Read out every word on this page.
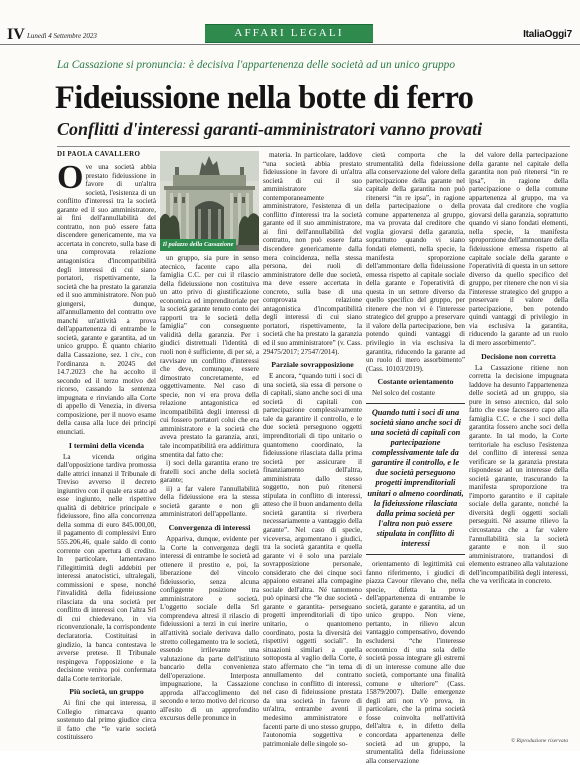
IV Lunedì 4 Settembre 2023	AFFARI LEGALI	ItaliaOggi7
La Cassazione si pronuncia: è decisiva l'appartenenza delle società ad un unico gruppo
Fideiussione nella botte di ferro
Conflitti d'interessi garanti-amministratori vanno provati
DI PAOLA CAVALLERO

Ove una società abbia prestato fideiussione in favore di un'altra società, l'esistenza di un conflitto d'interessi tra la società garante ed il suo amministratore, ai fini dell'annullabilità del contratto, non può essere fatta discendere genericamente, ma va accertata in concreto, sulla base di una comprovata relazione antagonistica d'incompatibilità degli interessi di cui siano portatori, rispettivamente, la società che ha prestato la garanzia ed il suo amministratore. Non può giungersi, dunque, all'annullamento del contratto ove manchi un'attività a prova dell'appartenenza di entrambe le società, garante e garantita, ad un unico gruppo. È quanto chiarito dalla Cassazione, sez. 1 civ., con l'ordinanza n. 20245 del 14.7.2023 che ha accolto il secondo ed il terzo motivo del ricorso, cassando la sentenza impugnata e rinviando alla Corte di appello di Venezia, in diversa composizione, per il nuovo esame della causa alla luce dei principi enunciati.

I termini della vicenda

La vicenda origina dall'opposizione tardiva promossa dalle attrici innanzi il Tribunale di Treviso avverso il decreto ingiuntivo con il quale era stato ad esse ingiunto, nelle rispettive qualità di debitrice principale e fideiussore, fino alla concorrenza della somma di euro 845.000,00, il pagamento di complessivi Euro 555.206,46, quale saldo di conto corrente con apertura di credito. In particolare, lamentavano l'illegittimità degli addebiti per interessi anatocistici, ultralegali, commissioni e spese, nonché l'invalidità della fideiussione rilasciata da una società per conflitto di interessi con l'altra Srl di cui chiedevano, in via riconvenzionale, la corrispondente declaratoria. Costituitasi in giudizio, la banca contestava le avverse pretese. Il Tribunale respingeva l'opposizione e la decisione veniva poi confermata dalla Corte territoriale.

Più società, un gruppo

Ai fini che qui interessa, il Collegio rimarcava quanto sostenuto dal primo giudice circa il fatto che “le varie società costituissero

Il palazzo della Cassazione

un gruppo, sia pure in senso atecnico, facente capo alla famiglia C.C. per cui il rilascio della fideiussione non costituiva un atto privo di giustificazione economica ed imprenditoriale per la società garante tenuto conto dei rapporti tra le società della famiglia” con conseguente validità della garanzia. Per i giudici distrettuali l'identità di ruoli non è sufficiente, di per sé, a ravvisare un conflitto d'interessi che deve, comunque, essere dimostrato concretamente, ed oggettivamente. Nel caso di specie, non vi era prova della relazione antagonistica ed incompatibilità degli interessi di cui fossero portatori colui che era amministratore e la società che aveva prestato la garanzia, anzi, tale incompatibilità era addirittura smentita dal fatto che:

i) soci della garantita erano tre fratelli soci anche della società garante;

ii) a far valere l'annullabilità della fideiussione era la stessa società garante e non gli amministratori dell'appellante.

Convergenza di interessi

Appariva, dunque, evidente per la Corte la convergenza degli interessi di entrambe le società ad ottenere il prestito e, poi, la liberazione del vincolo fideiussorio, senza alcuna configgente posizione tra amministratore e società. L'oggetto sociale della Srl comprendeva altresì il rilascio di fideiussioni a terzi in cui inerire all'attività sociale derivava dallo stretto collegamento tra le società, essendo irrilevante una valutazione da parte dell'istituto bancario della convenienza dell'operazione. Interposta impugnazione, la Cassazione approda all'accoglimento del secondo e terzo motivo del ricorso all'esito di un approfondito excursus delle pronunce in

materia. In particolare, laddove “una società abbia prestato fideiussione in favore di un'altra società di cui il suo amministratore sia contemporaneamente amministratore, l'esistenza di un conflitto d'interessi tra la società garante ed il suo amministratore, ai fini dell'annullabilità del contratto, non può essere fatta discendere genericamente dalla mera coincidenza, nella stessa persona, dei ruoli di amministratore delle due società, ma deve essere accertata in concreto, sulla base di una comprovata relazione antagonistica d'incompatibilità degli interessi di cui siano portatori, rispettivamente, la società che ha prestato la garanzia ed il suo amministratore” (v. Cass. 29475/2017; 27547/2014).

Parziale sovrapposizione

E ancora, “quando tutti i soci di una società, sia essa di persone o di capitali, siano anche soci di una società di capitali con partecipazione complessivamente tale da garantire il controllo, e le due società perseguono oggetti imprenditoriali di tipo unitario o quantomeno coordinato, la fideiussione rilasciata dalla prima società per assicurare il finanziamento dell'altra, amministrata dallo stesso soggetto, non può ritenersi stipulata in conflitto di interessi, atteso che il buon andamento della società garantita si riverbera necessariamente a vantaggio della garante”. Nel caso di specie, viceversa, argomentano i giudici, tra la società garantita e quella garante vi è solo una parziale sovrapposizione personale, considerato che dei cinque soci appaiono estranei alla compagine sociale dell'altra. Né tantomeno può opinarsi che “le due società -garante e garantita- perseguano progetti imprenditoriali di tipo unitario, o quantomeno coordinato, posta la diversità dei rispettivi oggetti sociali”. In situazioni similari a quella sottoposta al vaglio della Corte, è stato affermato che “in tema di annullamento del contratto concluso in conflitto di interessi, nel caso di fideiussione prestata da una società in favore di un'altra, entrambe aventi il medesimo amministratore e facenti parte di uno stesso gruppo, l'autonomia soggettiva e patrimoniale delle singole so-

cietà comporta che la strumentalità della fideiussione alla conservazione del valore della partecipazione della garante nel capitale della garantita non può ritenersi “in re ipsa”, in ragione della partecipazione o della comune appartenenza al gruppo, ma va provata dal creditore che voglia giovarsi della garanzia, soprattutto quando vi siano fondati elementi, nella specie, la manifesta sproporzione dell'ammontare della fideiussione emessa rispetto al capitale sociale della garante e l'operatività di questa in un settore diverso da quello specifico del gruppo, per ritenere che non vi è l'interesse strategico del gruppo a preservare il valore della partecipazione, ben potendo quindi vantaggi di privilegio in via esclusiva la garantita, riducendo la garante ad un ruolo di mero assorbimento” (Cass. 10103/2019).

Costante orientamento

Nel solco del costante

Quando tutti i soci di una società siano anche soci di una società di capitali con partecipazione complessivamente tale da garantire il controllo, e le due società perseguono progetti imprenditoriali unitari o almeno coordinati, la fideiussione rilasciata dalla prima società per l'altra non può essere stipulata in conflitto di interessi

orientamento di legittimità cui fanno riferimento, i giudici di piazza Cavour rilevano che, nella specie, difetta la prova dell'appartenenza di entrambe le società, garante e garantita, ad un unico gruppo. Non viene, pertanto, in rilievo alcun vantaggio compensativo, dovendo escludersi “che l'interesse economico di una sola delle società possa integrare gli estremi di un interesse comune alle due società, comportante una finalità comune e ulteriore” (Cass. 15879/2007). Dalle emergenze degli atti non v'è prova, in particolare, che la prima società fosse coinvolta nell'attività dell'altra e, in difetto della concordata appartenenza delle società ad un gruppo, la strumentalità della fideiussione alla conservazione

del valore della partecipazione della garante nel capitale della garantita non può ritenersi “in re ipsa”, in ragione della partecipazione o della comune appartenenza al gruppo, ma va provata dal creditore che voglia giovarsi della garanzia, soprattutto quando vi siano fondati elementi, nella specie, la manifesta sproporzione dell'ammontare della fideiussione emessa rispetto al capitale sociale della garante e l'operatività di questa in un settore diverso da quello specifico del gruppo, per ritenere che non vi sia l'interesse strategico del gruppo a preservare il valore della partecipazione, ben potendo quindi vantaggi di privilegio in via esclusiva la garantita, riducendo la garante ad un ruolo di mero assorbimento”.

Decisione non corretta

La Cassazione ritiene non corretta la decisione impugnata laddove ha desunto l'appartenenza delle società ad un gruppo, sia pure in senso atecnico, dal solo fatto che esse facessero capo alla famiglia C.C. e che i soci della garantita fossero anche soci della garante. In tal modo, la Corte territoriale ha escluso l'esistenza del conflitto di interessi senza verificare se la garanzia prestata rispondesse ad un interesse della società garante, trascurando la manifesta sproporzione tra l'importo garantito e il capitale sociale della garante, nonché la diversità degli oggetti sociali perseguiti. Né assume rilievo la circostanza che a far valere l'annullabilità sia la società garante e non il suo amministratore, trattandosi di elemento estraneo alla valutazione dell'incompatibilità degli interessi, che va verificata in concreto.

© Riproduzione riservata
